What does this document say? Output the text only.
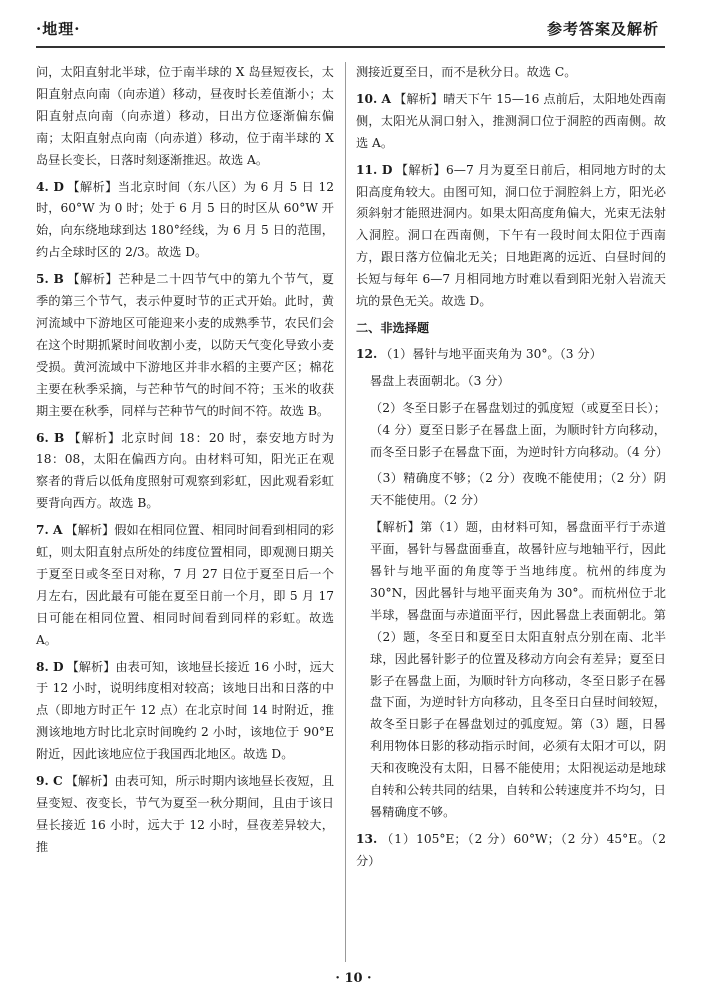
·地理·	参考答案及解析

问，太阳直射北半球，位于南半球的 X 岛昼短夜长，太阳直射点向南（向赤道）移动，昼夜时长差值渐小；太阳直射点向南（向赤道）移动，日出方位逐渐偏东偏南；太阳直射点向南（向赤道）移动，位于南半球的 X 岛昼长变长，日落时刻逐渐推迟。故选 A。

4. D 【解析】当北京时间（东八区）为 6 月 5 日 12 时，60°W 为 0 时；处于 6 月 5 日的时区从 60°W 开始，向东绕地球到达 180°经线，为 6 月 5 日的范围，约占全球时区的 2/3。故选 D。

5. B 【解析】芒种是二十四节气中的第九个节气，夏季的第三个节气，表示仲夏时节的正式开始。此时，黄河流域中下游地区可能迎来小麦的成熟季节，农民们会在这个时期抓紧时间收割小麦，以防天气变化导致小麦受损。黄河流域中下游地区并非水稻的主要产区；棉花主要在秋季采摘，与芒种节气的时间不符；玉米的收获期主要在秋季，同样与芒种节气的时间不符。故选 B。

6. B 【解析】北京时间 18：20 时，泰安地方时为 18：08，太阳在偏西方向。由材料可知，阳光正在观察者的背后以低角度照射可观察到彩虹，因此观看彩虹要背向西方。故选 B。

7. A 【解析】假如在相同位置、相同时间看到相同的彩虹，则太阳直射点所处的纬度位置相同，即观测日期关于夏至日或冬至日对称，7 月 27 日位于夏至日后一个月左右，因此最有可能在夏至日前一个月，即 5 月 17 日可能在相同位置、相同时间看到同样的彩虹。故选 A。

8. D 【解析】由表可知，该地昼长接近 16 小时，远大于 12 小时，说明纬度相对较高；该地日出和日落的中点（即地方时正午 12 点）在北京时间 14 时附近，推测该地地方时比北京时间晚约 2 小时，该地位于 90°E 附近，因此该地应位于我国西北地区。故选 D。

9. C 【解析】由表可知，所示时期内该地昼长夜短，且昼变短、夜变长，节气为夏至一秋分期间，且由于该日昼长接近 16 小时，远大于 12 小时，昼夜差异较大，推

测接近夏至日，而不是秋分日。故选 C。

10. A 【解析】晴天下午 15—16 点前后，太阳地处西南侧，太阳光从洞口射入，推测洞口位于洞腔的西南侧。故选 A。

11. D 【解析】6—7 月为夏至日前后，相同地方时的太阳高度角较大。由图可知，洞口位于洞腔斜上方，阳光必须斜射才能照进洞内。如果太阳高度角偏大，光束无法射入洞腔。洞口在西南侧，下午有一段时间太阳位于西南方，跟日落方位偏北无关；日地距离的远近、白昼时间的长短与每年 6—7 月相同地方时难以看到阳光射入岩流天坑的景色无关。故选 D。

二、非选择题

12. （1）晷针与地平面夹角为 30°。（3 分）

晷盘上表面朝北。（3 分）

（2）冬至日影子在晷盘划过的弧度短（或夏至日长）；（4 分）夏至日影子在晷盘上面，为顺时针方向移动，而冬至日影子在晷盘下面，为逆时针方向移动。（4 分）

（3）精确度不够；（2 分）夜晚不能使用；（2 分）阴天不能使用。（2 分）

【解析】第（1）题，由材料可知，晷盘面平行于赤道平面，晷针与晷盘面垂直，故晷针应与地轴平行，因此晷针与地平面的角度等于当地纬度。杭州的纬度为 30°N，因此晷针与地平面夹角为 30°。而杭州位于北半球，晷盘面与赤道面平行，因此晷盘上表面朝北。第（2）题，冬至日和夏至日太阳直射点分别在南、北半球，因此晷针影子的位置及移动方向会有差异；夏至日影子在晷盘上面，为顺时针方向移动，冬至日影子在晷盘下面，为逆时针方向移动，且冬至日白昼时间较短，故冬至日影子在晷盘划过的弧度短。第（3）题，日晷利用物体日影的移动指示时间，必须有太阳才可以，阴天和夜晚没有太阳，日晷不能使用；太阳视运动是地球自转和公转共同的结果，自转和公转速度并不均匀，日晷精确度不够。

13. （1）105°E；（2 分）60°W；（2 分）45°E。（2 分）

· 10 ·
